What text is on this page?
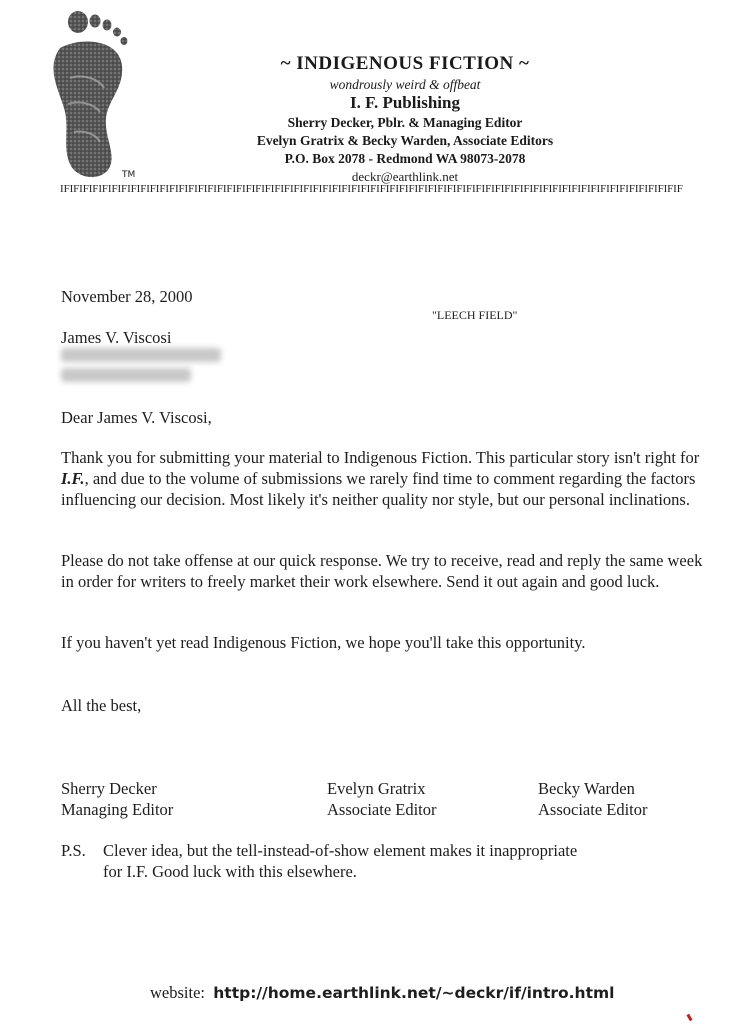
TM
~ INDIGENOUS FICTION ~
wondrously weird & offbeat
I. F. Publishing
Sherry Decker, Pblr. & Managing Editor
Evelyn Gratrix & Becky Warden, Associate Editors
P.O. Box 2078 - Redmond WA 98073-2078
deckr@earthlink.net
IFIFIFIFIFIFIFIFIFIFIFIFIFIFIFIFIFIFIFIFIFIFIFIFIFIFIFIFIFIFIFIFIFIFIFIFIFIFIFIFIFIFIFIFIFIFIFIFIFIFIFIFIFIFIFIFIFIFIFIFIFIFIFIFIF
November 28, 2000
"LEECH FIELD"
James V. Viscosi
Dear James V. Viscosi,
Thank you for submitting your material to Indigenous Fiction. This particular story isn't right for I.F., and due to the volume of submissions we rarely find time to comment regarding the factors influencing our decision. Most likely it's neither quality nor style, but our personal inclinations.
Please do not take offense at our quick response. We try to receive, read and reply the same week in order for writers to freely market their work elsewhere. Send it out again and good luck.
If you haven't yet read Indigenous Fiction, we hope you'll take this opportunity.
All the best,
Sherry Decker
Managing Editor
Evelyn Gratrix
Associate Editor
Becky Warden
Associate Editor
P.S. Clever idea, but the tell-instead-of-show element makes it inappropriate
for I.F. Good luck with this elsewhere.
website: http://home.earthlink.net/~deckr/if/intro.html
